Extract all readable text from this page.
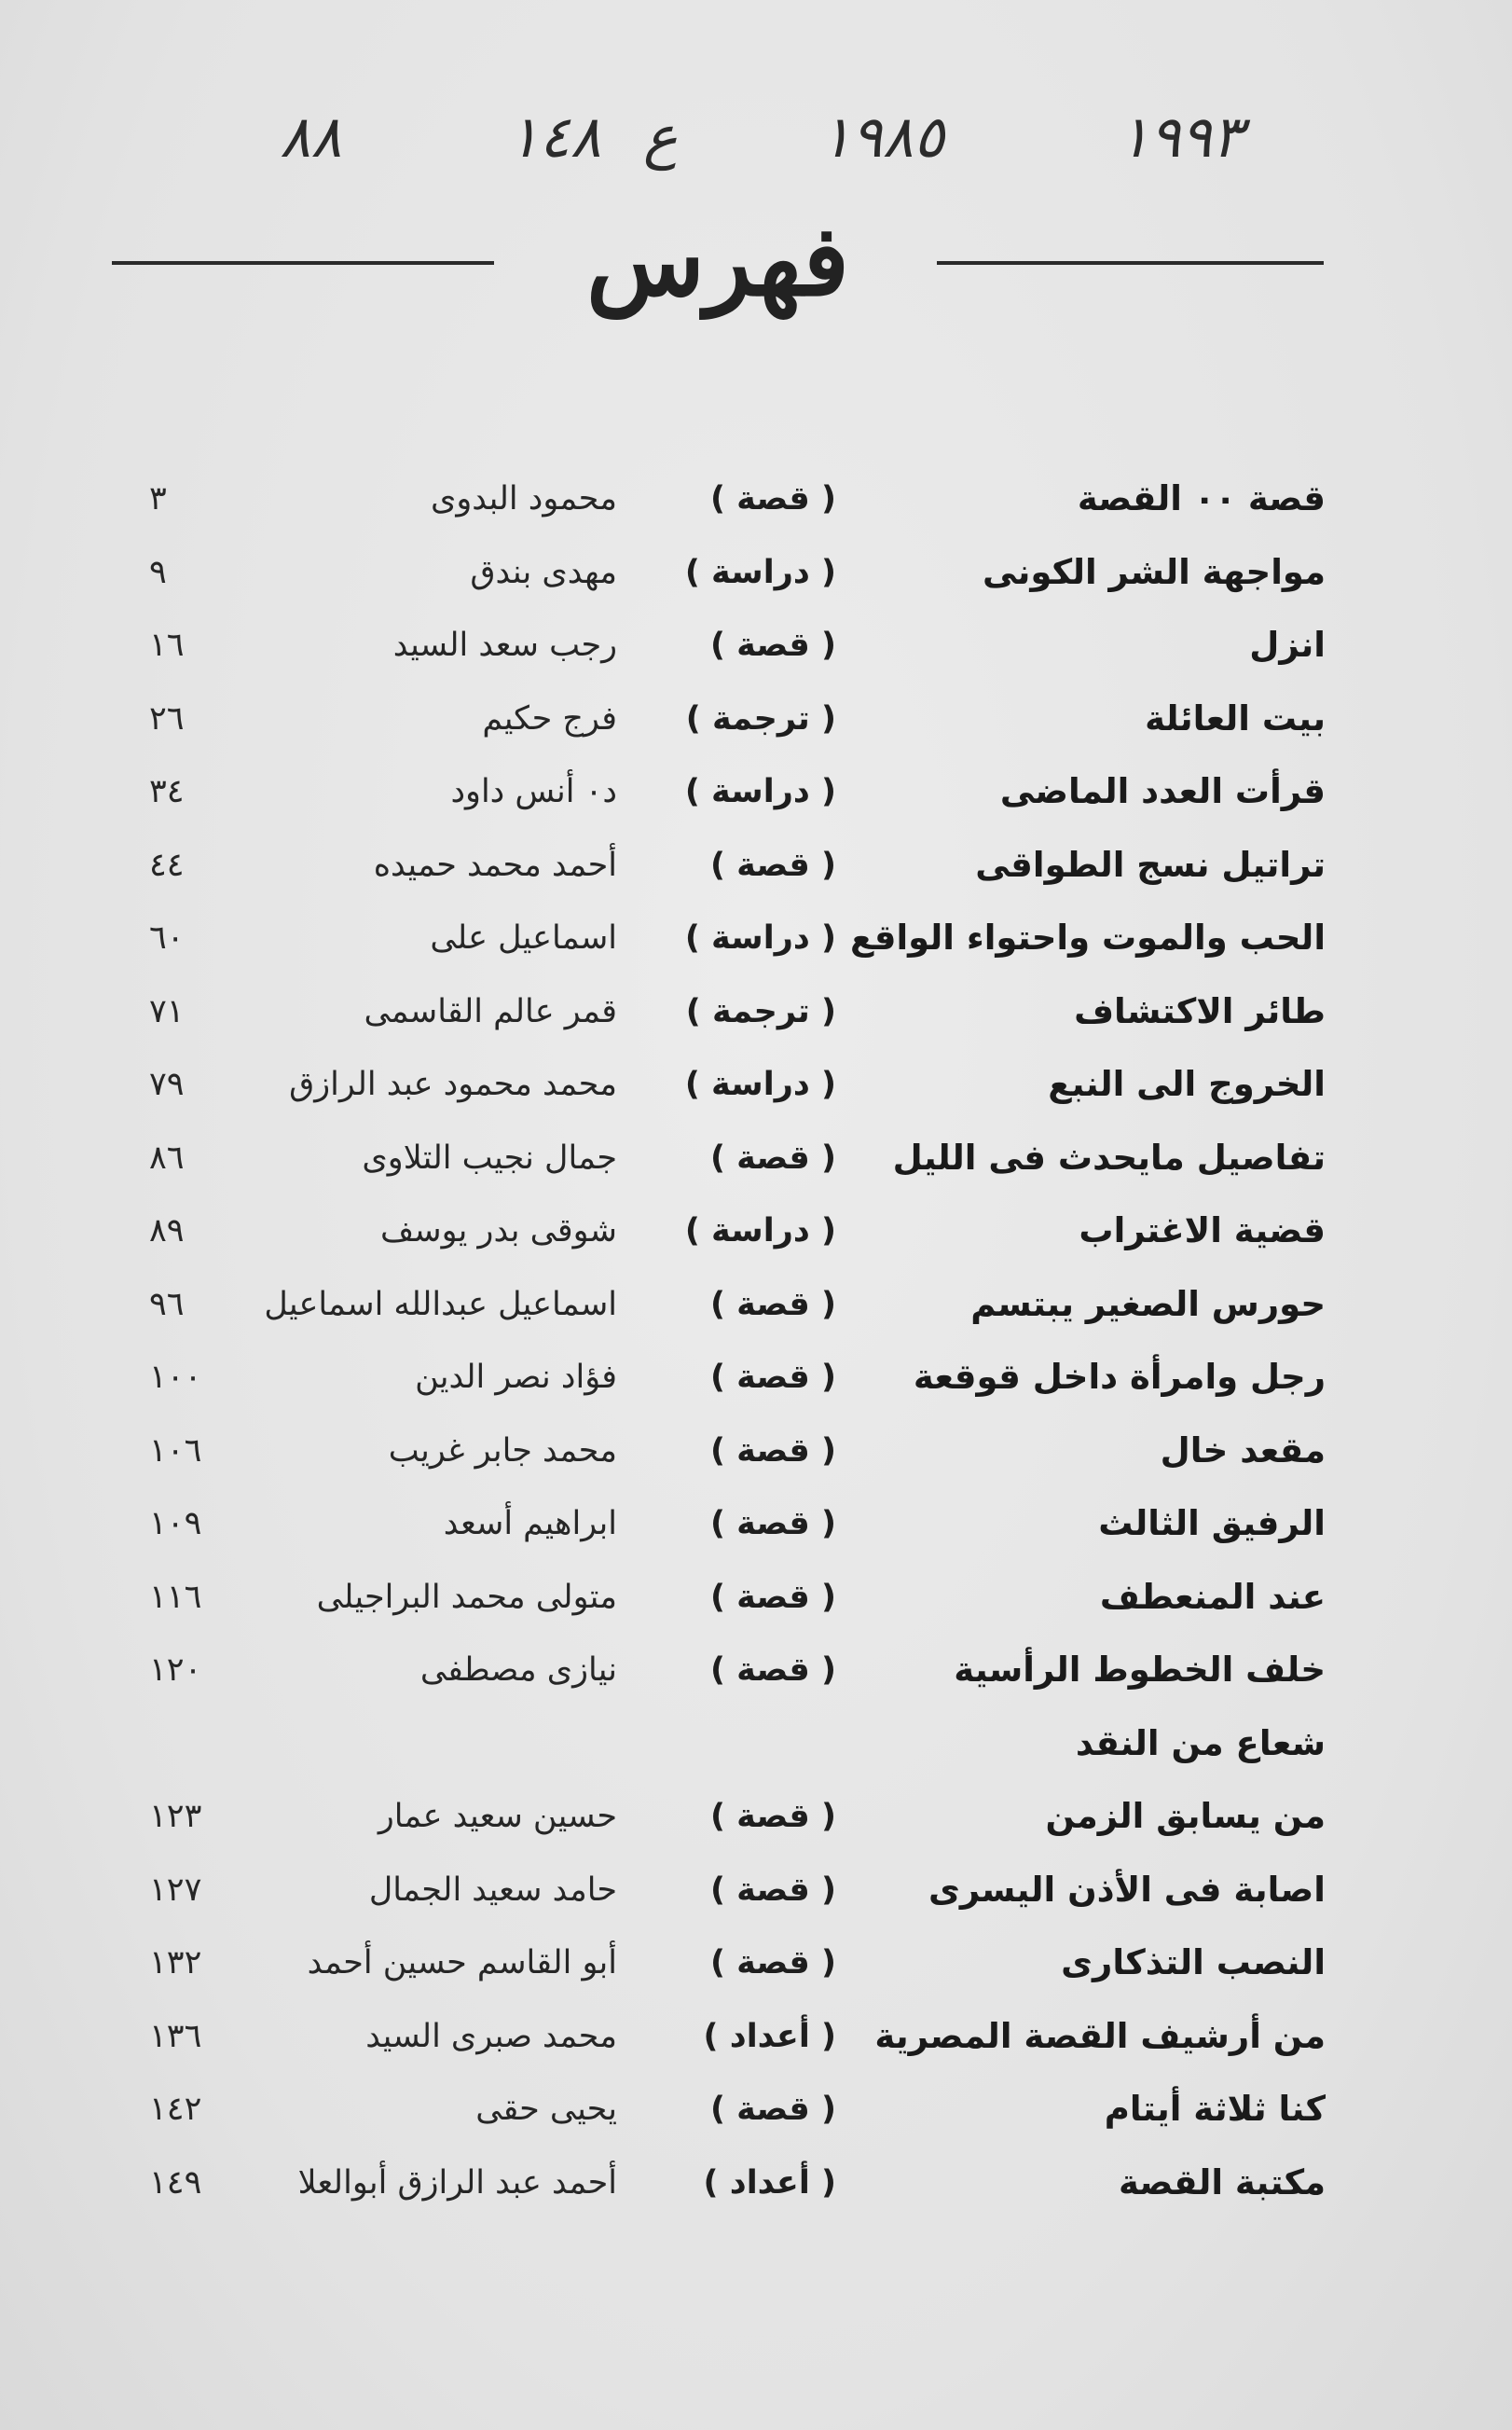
٨٨	١٤٨ ع ١٩٨٥	١٩٩٣
فهرس
قصة ٠٠ القصة
( قصة )
محمود البدوى
٣
مواجهة الشر الكونى
( دراسة )
مهدى بندق
٩
انزل
( قصة )
رجب سعد السيد
١٦
بيت العائلة
( ترجمة )
فرج حكيم
٢٦
قرأت العدد الماضى
( دراسة )
د٠ أنس داود
٣٤
تراتيل نسج الطواقى
( قصة )
أحمد محمد حميده
٤٤
الحب والموت واحتواء الواقع
( دراسة )
اسماعيل على
٦٠
طائر الاكتشاف
( ترجمة )
قمر عالم القاسمى
٧١
الخروج الى النبع
( دراسة )
محمد محمود عبد الرازق
٧٩
تفاصيل مايحدث فى الليل
( قصة )
جمال نجيب التلاوى
٨٦
قضية الاغتراب
( دراسة )
شوقى بدر يوسف
٨٩
حورس الصغير يبتسم
( قصة )
اسماعيل عبدالله اسماعيل
٩٦
رجل وامرأة داخل قوقعة
( قصة )
فؤاد نصر الدين
١٠٠
مقعد خال
( قصة )
محمد جابر غريب
١٠٦
الرفيق الثالث
( قصة )
ابراهيم أسعد
١٠٩
عند المنعطف
( قصة )
متولى محمد البراجيلى
١١٦
خلف الخطوط الرأسية
( قصة )
نيازى مصطفى
١٢٠
شعاع من النقد
من يسابق الزمن
( قصة )
حسين سعيد عمار
١٢٣
اصابة فى الأذن اليسرى
( قصة )
حامد سعيد الجمال
١٢٧
النصب التذكارى
( قصة )
أبو القاسم حسين أحمد
١٣٢
من أرشيف القصة المصرية
( أعداد )
محمد صبرى السيد
١٣٦
كنا ثلاثة أيتام
( قصة )
يحيى حقى
١٤٢
مكتبة القصة
( أعداد )
أحمد عبد الرازق أبوالعلا
١٤٩
